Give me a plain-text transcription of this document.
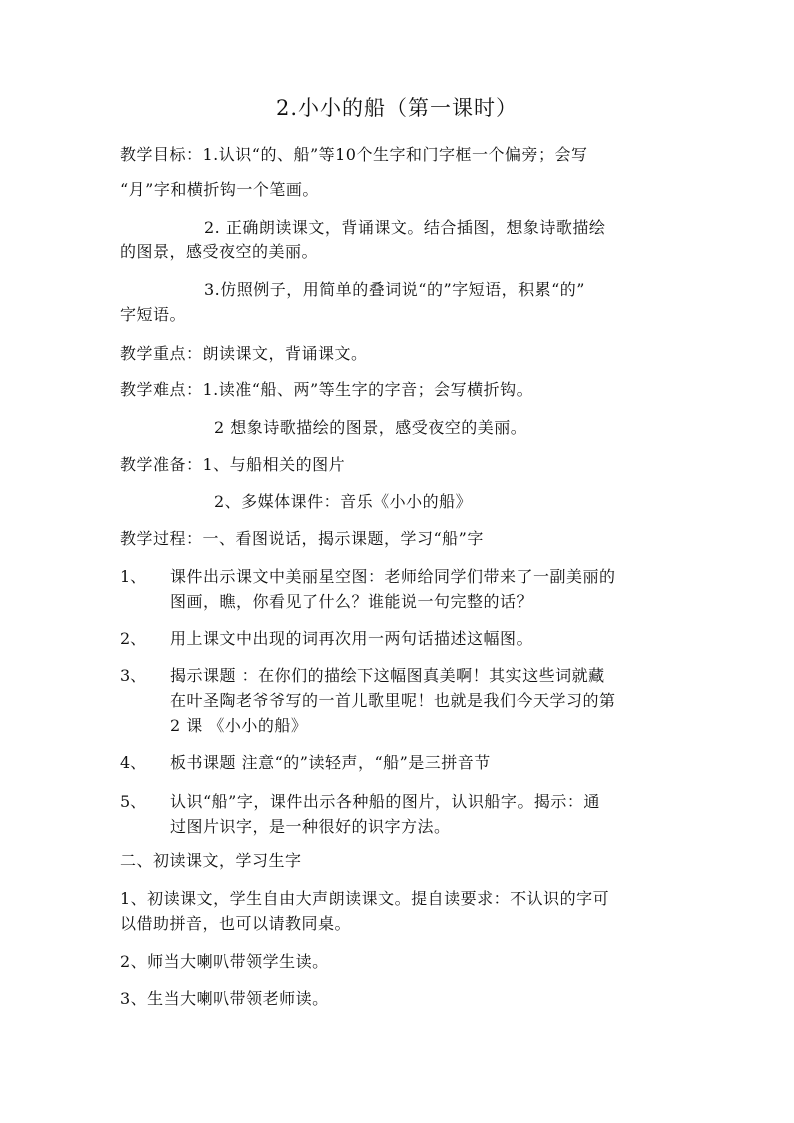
2.小小的船（第一课时）
教学目标：1.认识“的、船”等10个生字和门字框一个偏旁；会写
“月”字和横折钩一个笔画。
2. 正确朗读课文，背诵课文。结合插图，想象诗歌描绘
的图景，感受夜空的美丽。
3.仿照例子，用简单的叠词说“的”字短语，积累“的”
字短语。
教学重点：朗读课文，背诵课文。
教学难点：1.读准“船、两”等生字的字音；会写横折钩。
2 想象诗歌描绘的图景，感受夜空的美丽。
教学准备：1、与船相关的图片
2、多媒体课件：音乐《小小的船》
教学过程：一、看图说话，揭示课题，学习“船”字
1、 课件出示课文中美丽星空图：老师给同学们带来了一副美丽的
图画，瞧，你看见了什么？谁能说一句完整的话？
2、 用上课文中出现的词再次用一两句话描述这幅图。
3、 揭示课题 ：在你们的描绘下这幅图真美啊！其实这些词就藏
在叶圣陶老爷爷写的一首儿歌里呢！也就是我们今天学习的第
2 课 《小小的船》
4、 板书课题 注意“的”读轻声，“船”是三拼音节
5、 认识“船”字，课件出示各种船的图片，认识船字。揭示：通
过图片识字，是一种很好的识字方法。
二、初读课文，学习生字
1、初读课文，学生自由大声朗读课文。提自读要求：不认识的字可
以借助拼音，也可以请教同桌。
2、师当大喇叭带领学生读。
3、生当大喇叭带领老师读。
